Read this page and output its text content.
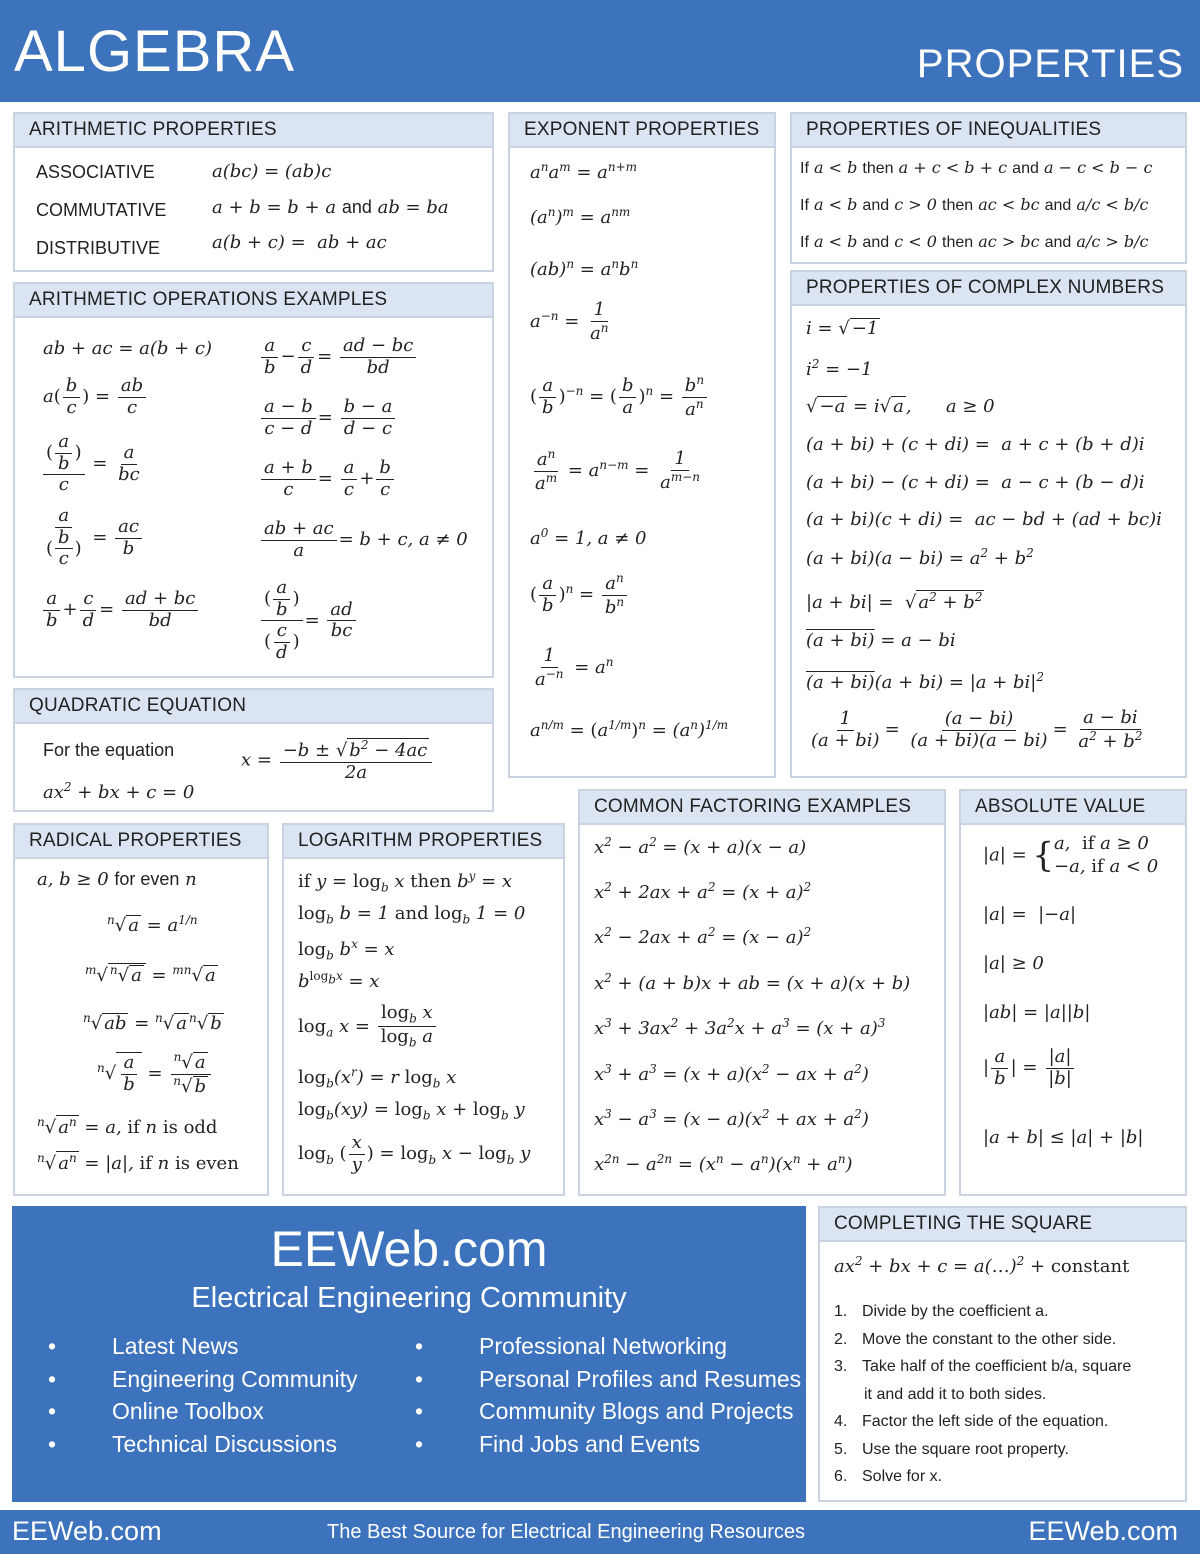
ALGEBRA	PROPERTIES
ARITHMETIC PROPERTIES
ASSOCIATIVE	a(bc) = (ab)c
COMMUTATIVE	a + b = b + a and ab = ba
DISTRIBUTIVE	a(b + c) =  ab + ac
ARITHMETIC OPERATIONS EXAMPLES
ab + ac = a(b + c)
$a( \frac{b}{c}$ ) = $\frac{ab}{c}$
$\frac{( \frac{a}{b} )}{c} = \frac{a}{bc}$
$\frac{a}{( \frac{b}{c} )} = \frac{ac}{b}$
$\frac{a}{b} + \frac{c}{d} = \frac{ad + bc}{bd}$
$\frac{a}{b} - \frac{c}{d} = \frac{ad - bc}{bd}$
$\frac{a - b}{c - d} = \frac{b - a}{d - c}$
$\frac{a + b}{c} = \frac{a}{c} + \frac{b}{c}$
$\frac{ab + ac}{a} = b + c$, a ≠ 0
$\frac{( \frac{a}{b} )}{( \frac{c}{d} )} = \frac{ad}{bc}$
QUADRATIC EQUATION
For the equation
$ax^2$ + bx + c = 0
$x = \frac{-b \pm √ b^2 - 4ac}{2a}$
EXPONENT PROPERTIES
$a^na^m = a^{n+m}$
$(a^n)^m = a^{nm}$
$(ab)^n = a^nb^n$
$a^{-n} = \frac{1}{a^n}$
( $\frac{a}{b} )^{-n}$ = ( $\frac{b}{a} )^n = \frac{b^n}{a^n}$
$\frac{a^n}{a^m} = a^{n-m} = \frac{1}{a^{m-n}}$
$a^0 = 1$, a ≠ 0
( $\frac{a}{b} )^n = \frac{a^n}{b^n}$
$\frac{1}{a^{-n}} = a^n$
$a^{n/m} = (a^{1/m})^n = (a^n)^{1/m}$
PROPERTIES OF INEQUALITIES
If a < b then a + c < b + c and a − c < b − c
If a < b and c > 0 then ac < bc and a/c < b/c
If a < b and c < 0 then ac > bc and a/c > b/c
PROPERTIES OF COMPLEX NUMBERS
i = √ −1
$i^2 = -1$
√ −a = i√ a ,      a ≥ 0
(a + bi) + (c + di) =  a + c + (b + d)i
(a + bi) − (c + di) =  a − c + (b − d)i
(a + bi)(c + di) =  ac − bd + (ad + bc)i
$(a + bi)(a - bi) = a^2 + b^2$
|a + bi| =  √ $a^2 + b^2$
(a + bi) = a − bi
$(a + bi)(a + bi) = |a + bi|^2$
$\frac{1}{(a + bi)} = \frac{(a - bi)}{(a + bi)(a - bi)} = \frac{a - bi}{a^2 + b^2}$
RADICAL PROPERTIES
a, b ≥ 0 for even n
$^n$√ $a = a^{1/n}$
$^m$√ $^n$√ a = $^{mn}$√ a
$^n$√ ab = $^n$√ a $^n$√ b
$^n√ \frac{a}{b} = \frac{^n√ a}{^n√ b}$
$^n$√ $a^n = a$, if n is odd
$^n$√ $a^n = |a|$, if n is even
LOGARITHM PROPERTIES
if $y = \log_b x$ then $b^y = x$
$\log_b b = 1$ and $\log_b 1 = 0$
$\log_b b^x = x$
$b^{log_bx} = x$
$\log_a x = \frac{\log_b x}{\log_b a}$
$\log_b(x^r) = r$ $\log_b x$
$\log_b(xy) = \log_b x + \log_b y$
$\log_b$ ( $\frac{x}{y}$ ) = $\log_b x - \log_b y$
COMMON FACTORING EXAMPLES
$x^2 - a^2 = (x + a)(x - a)$
$x^2 + 2ax + a^2 = (x + a)^2$
$x^2 - 2ax + a^2 = (x - a)^2$
$x^2 + (a + b)x$ + ab = (x + a)(x + b)
$x^3 + 3ax^2 + 3a^2x + a^3 = (x + a)^3$
$x^3 + a^3 = (x + a)(x^2$ − ax + $a^2$)
$x^3 - a^3 = (x - a)(x^2$ + ax + $a^2$)
$x^{2n} - a^{2n} = (x^n - a^n)(x^n + a^n)$
ABSOLUTE VALUE
|a| = {a,  if a ≥ 0
−a, if a < 0
|a| =  |−a|
|a| ≥ 0
|ab| = |a||b|
| $\frac{a}{b}$ | = $\frac{|a|}{|b|}$
|a + b| ≤ |a| + |b|
EEWeb.com
Electrical Engineering Community
• Latest News
• Engineering Community
• Online Toolbox
• Technical Discussions
• Professional Networking
• Personal Profiles and Resumes
• Community Blogs and Projects
• Find Jobs and Events
COMPLETING THE SQUARE
$ax^2$ + bx + c = a(…)$^2$ + constant
1. Divide by the coefficient a.
2. Move the constant to the other side.
3. Take half of the coefficient b/a, square
it and add it to both sides.
4. Factor the left side of the equation.
5. Use the square root property.
6. Solve for x.
EEWeb.com	The Best Source for Electrical Engineering Resources	EEWeb.com
